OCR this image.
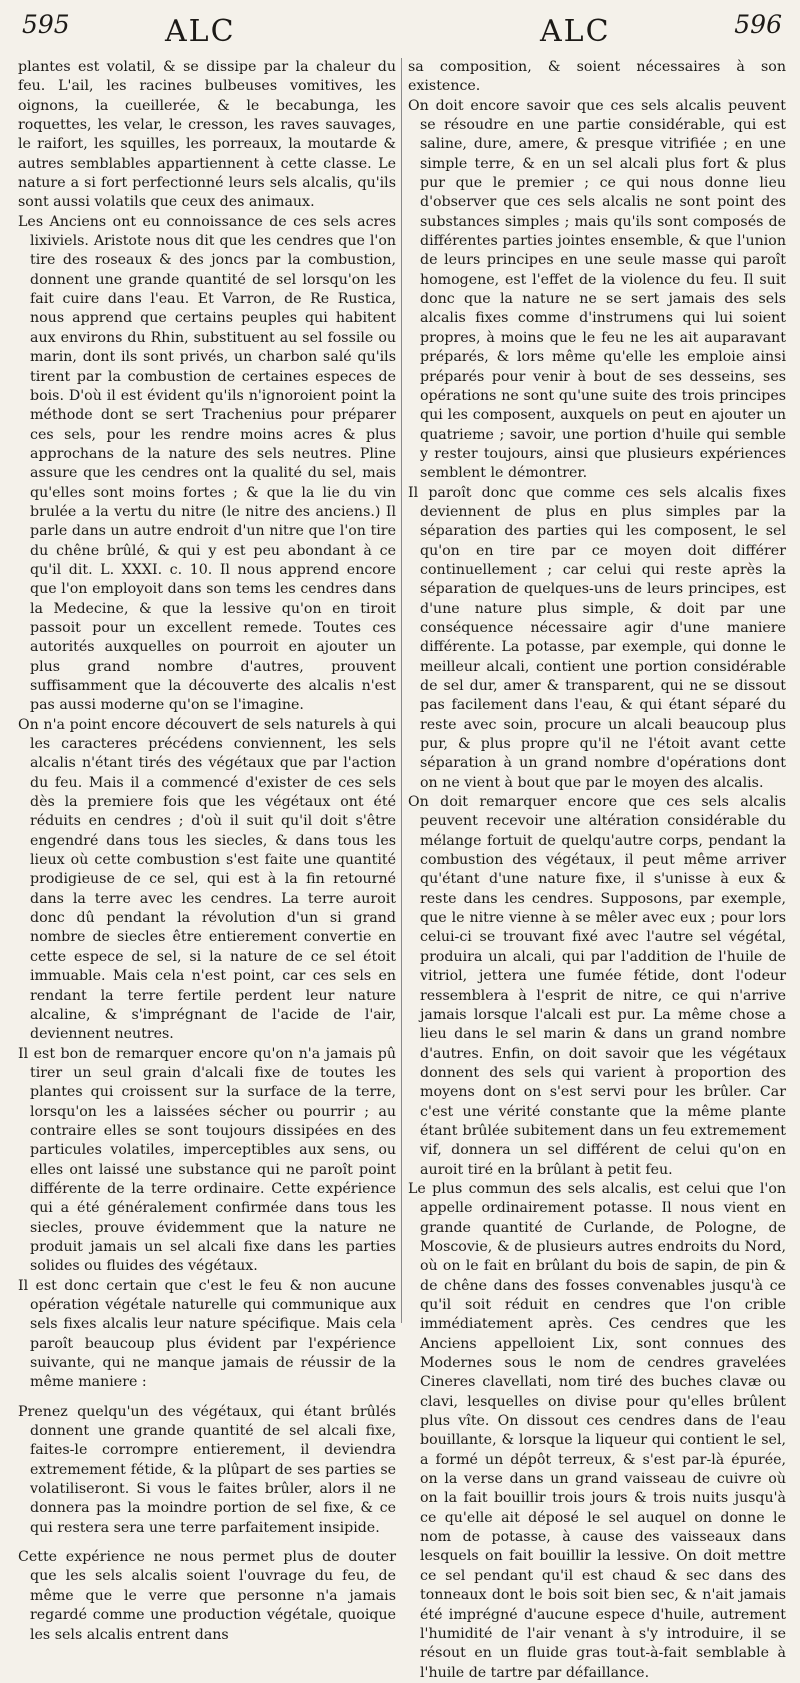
595	ALC	ALC	596

plantes est volatil, & se dissipe par la chaleur du feu. L'ail, les racines bulbeuses vomitives, les oignons, la cueillerée, & le becabunga, les roquettes, les velar, le cresson, les raves sauvages, le raifort, les squilles, les porreaux, la moutarde & autres semblables appartiennent à cette classe. Le nature a si fort perfectionné leurs sels alcalis, qu'ils sont aussi volatils que ceux des animaux.

Les Anciens ont eu connoissance de ces sels acres lixiviels. Aristote nous dit que les cendres que l'on tire des roseaux & des joncs par la combustion, donnent une grande quantité de sel lorsqu'on les fait cuire dans l'eau. Et Varron, de Re Rustica, nous apprend que certains peuples qui habitent aux environs du Rhin, substituent au sel fossile ou marin, dont ils sont privés, un charbon salé qu'ils tirent par la combustion de certaines especes de bois. D'où il est évident qu'ils n'ignoroient point la méthode dont se sert Trachenius pour préparer ces sels, pour les rendre moins acres & plus approchans de la nature des sels neutres. Pline assure que les cendres ont la qualité du sel, mais qu'elles sont moins fortes ; & que la lie du vin brulée a la vertu du nitre (le nitre des anciens.) Il parle dans un autre endroit d'un nitre que l'on tire du chêne brûlé, & qui y est peu abondant à ce qu'il dit. L. XXXI. c. 10. Il nous apprend encore que l'on employoit dans son tems les cendres dans la Medecine, & que la lessive qu'on en tiroit passoit pour un excellent remede. Toutes ces autorités auxquelles on pourroit en ajouter un plus grand nombre d'autres, prouvent suffisamment que la découverte des alcalis n'est pas aussi moderne qu'on se l'imagine.

On n'a point encore découvert de sels naturels à qui les caracteres précédens conviennent, les sels alcalis n'étant tirés des végétaux que par l'action du feu. Mais il a commencé d'exister de ces sels dès la premiere fois que les végétaux ont été réduits en cendres ; d'où il suit qu'il doit s'être engendré dans tous les siecles, & dans tous les lieux où cette combustion s'est faite une quantité prodigieuse de ce sel, qui est à la fin retourné dans la terre avec les cendres. La terre auroit donc dû pendant la révolution d'un si grand nombre de siecles être entierement convertie en cette espece de sel, si la nature de ce sel étoit immuable. Mais cela n'est point, car ces sels en rendant la terre fertile perdent leur nature alcaline, & s'imprégnant de l'acide de l'air, deviennent neutres.

Il est bon de remarquer encore qu'on n'a jamais pû tirer un seul grain d'alcali fixe de toutes les plantes qui croissent sur la surface de la terre, lorsqu'on les a laissées sécher ou pourrir ; au contraire elles se sont toujours dissipées en des particules volatiles, imperceptibles aux sens, ou elles ont laissé une substance qui ne paroît point différente de la terre ordinaire. Cette expérience qui a été généralement confirmée dans tous les siecles, prouve évidemment que la nature ne produit jamais un sel alcali fixe dans les parties solides ou fluides des végétaux.

Il est donc certain que c'est le feu & non aucune opération végétale naturelle qui communique aux sels fixes alcalis leur nature spécifique. Mais cela paroît beaucoup plus évident par l'expérience suivante, qui ne manque jamais de réussir de la même maniere :

Prenez quelqu'un des végétaux, qui étant brûlés donnent une grande quantité de sel alcali fixe, faites-le corrompre entierement, il deviendra extremement fétide, & la plûpart de ses parties se volatiliseront. Si vous le faites brûler, alors il ne donnera pas la moindre portion de sel fixe, & ce qui restera sera une terre parfaitement insipide.

Cette expérience ne nous permet plus de douter que les sels alcalis soient l'ouvrage du feu, de même que le verre que personne n'a jamais regardé comme une production végétale, quoique les sels alcalis entrent dans

sa composition, & soient nécessaires à son existence.

On doit encore savoir que ces sels alcalis peuvent se résoudre en une partie considérable, qui est saline, dure, amere, & presque vitrifiée ; en une simple terre, & en un sel alcali plus fort & plus pur que le premier ; ce qui nous donne lieu d'observer que ces sels alcalis ne sont point des substances simples ; mais qu'ils sont composés de différentes parties jointes ensemble, & que l'union de leurs principes en une seule masse qui paroît homogene, est l'effet de la violence du feu. Il suit donc que la nature ne se sert jamais des sels alcalis fixes comme d'instrumens qui lui soient propres, à moins que le feu ne les ait auparavant préparés, & lors même qu'elle les emploie ainsi préparés pour venir à bout de ses desseins, ses opérations ne sont qu'une suite des trois principes qui les composent, auxquels on peut en ajouter un quatrieme ; savoir, une portion d'huile qui semble y rester toujours, ainsi que plusieurs expériences semblent le démontrer.

Il paroît donc que comme ces sels alcalis fixes deviennent de plus en plus simples par la séparation des parties qui les composent, le sel qu'on en tire par ce moyen doit différer continuellement ; car celui qui reste après la séparation de quelques-uns de leurs principes, est d'une nature plus simple, & doit par une conséquence nécessaire agir d'une maniere différente. La potasse, par exemple, qui donne le meilleur alcali, contient une portion considérable de sel dur, amer & transparent, qui ne se dissout pas facilement dans l'eau, & qui étant séparé du reste avec soin, procure un alcali beaucoup plus pur, & plus propre qu'il ne l'étoit avant cette séparation à un grand nombre d'opérations dont on ne vient à bout que par le moyen des alcalis.

On doit remarquer encore que ces sels alcalis peuvent recevoir une altération considérable du mélange fortuit de quelqu'autre corps, pendant la combustion des végétaux, il peut même arriver qu'étant d'une nature fixe, il s'unisse à eux & reste dans les cendres. Supposons, par exemple, que le nitre vienne à se mêler avec eux ; pour lors celui-ci se trouvant fixé avec l'autre sel végétal, produira un alcali, qui par l'addition de l'huile de vitriol, jettera une fumée fétide, dont l'odeur ressemblera à l'esprit de nitre, ce qui n'arrive jamais lorsque l'alcali est pur. La même chose a lieu dans le sel marin & dans un grand nombre d'autres. Enfin, on doit savoir que les végétaux donnent des sels qui varient à proportion des moyens dont on s'est servi pour les brûler. Car c'est une vérité constante que la même plante étant brûlée subitement dans un feu extremement vif, donnera un sel différent de celui qu'on en auroit tiré en la brûlant à petit feu.

Le plus commun des sels alcalis, est celui que l'on appelle ordinairement potasse. Il nous vient en grande quantité de Curlande, de Pologne, de Moscovie, & de plusieurs autres endroits du Nord, où on le fait en brûlant du bois de sapin, de pin & de chêne dans des fosses convenables jusqu'à ce qu'il soit réduit en cendres que l'on crible immédiatement après. Ces cendres que les Anciens appelloient Lix, sont connues des Modernes sous le nom de cendres gravelées Cineres clavellati, nom tiré des buches clavæ ou clavi, lesquelles on divise pour qu'elles brûlent plus vîte. On dissout ces cendres dans de l'eau bouillante, & lorsque la liqueur qui contient le sel, a formé un dépôt terreux, & s'est par-là épurée, on la verse dans un grand vaisseau de cuivre où on la fait bouillir trois jours & trois nuits jusqu'à ce qu'elle ait déposé le sel auquel on donne le nom de potasse, à cause des vaisseaux dans lesquels on fait bouillir la lessive. On doit mettre ce sel pendant qu'il est chaud & sec dans des tonneaux dont le bois soit bien sec, & n'ait jamais été imprégné d'aucune espece d'huile, autrement l'humidité de l'air venant à s'y introduire, il se résout en un fluide gras tout-à-fait semblable à l'huile de tartre par défaillance.
